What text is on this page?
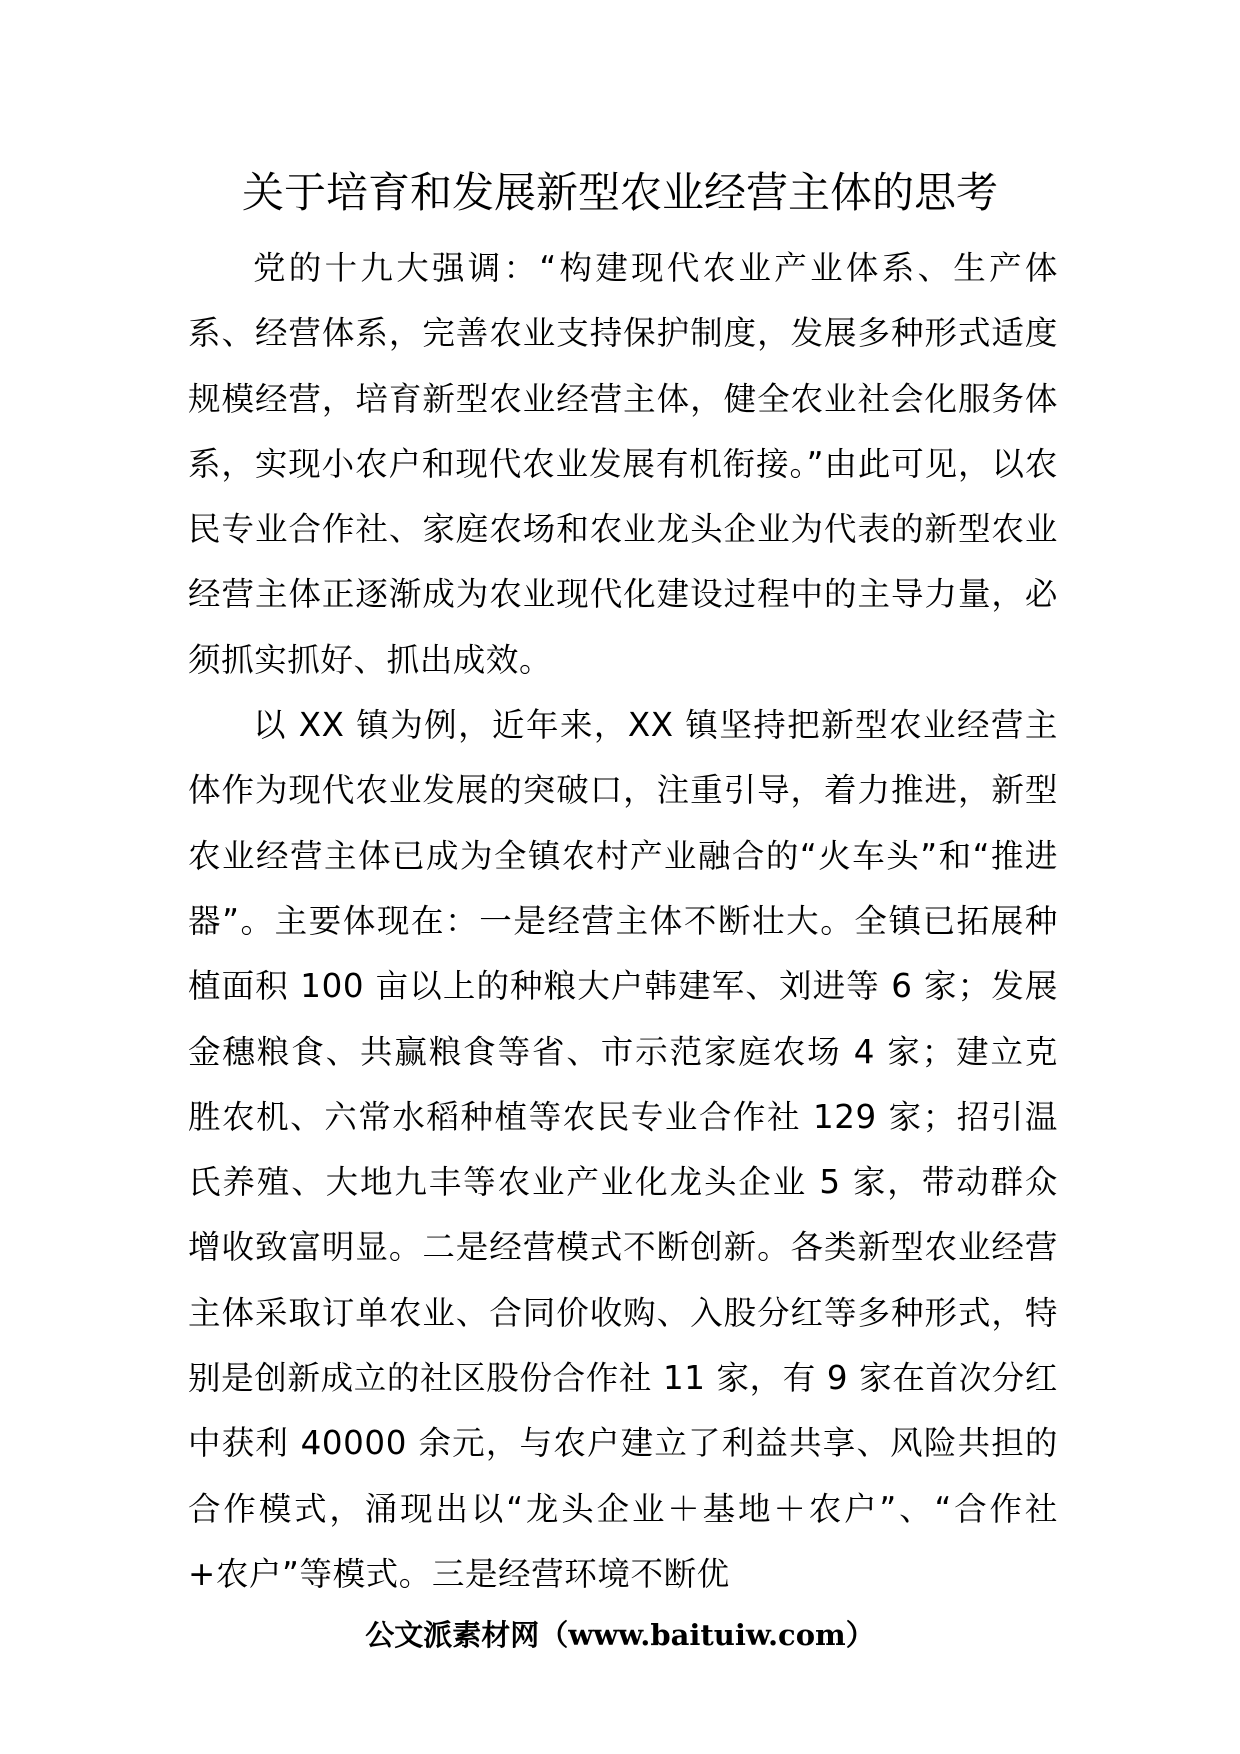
关于培育和发展新型农业经营主体的思考

党的十九大强调：“构建现代农业产业体系、生产体系、经营体系，完善农业支持保护制度，发展多种形式适度规模经营，培育新型农业经营主体，健全农业社会化服务体系，实现小农户和现代农业发展有机衔接。”由此可见，以农民专业合作社、家庭农场和农业龙头企业为代表的新型农业经营主体正逐渐成为农业现代化建设过程中的主导力量，必须抓实抓好、抓出成效。

以 XX 镇为例，近年来，XX 镇坚持把新型农业经营主体作为现代农业发展的突破口，注重引导，着力推进，新型农业经营主体已成为全镇农村产业融合的“火车头”和“推进器”。主要体现在：一是经营主体不断壮大。全镇已拓展种植面积 100 亩以上的种粮大户韩建军、刘进等 6 家；发展金穗粮食、共赢粮食等省、市示范家庭农场 4 家；建立克胜农机、六常水稻种植等农民专业合作社 129 家；招引温氏养殖、大地九丰等农业产业化龙头企业 5 家，带动群众增收致富明显。二是经营模式不断创新。各类新型农业经营主体采取订单农业、合同价收购、入股分红等多种形式，特别是创新成立的社区股份合作社 11 家，有 9 家在首次分红中获利 40000 余元，与农户建立了利益共享、风险共担的合作模式，涌现出以“龙头企业＋基地＋农户”、“合作社+农户”等模式。三是经营环境不断优

公文派素材网（www.baituiw.com）
